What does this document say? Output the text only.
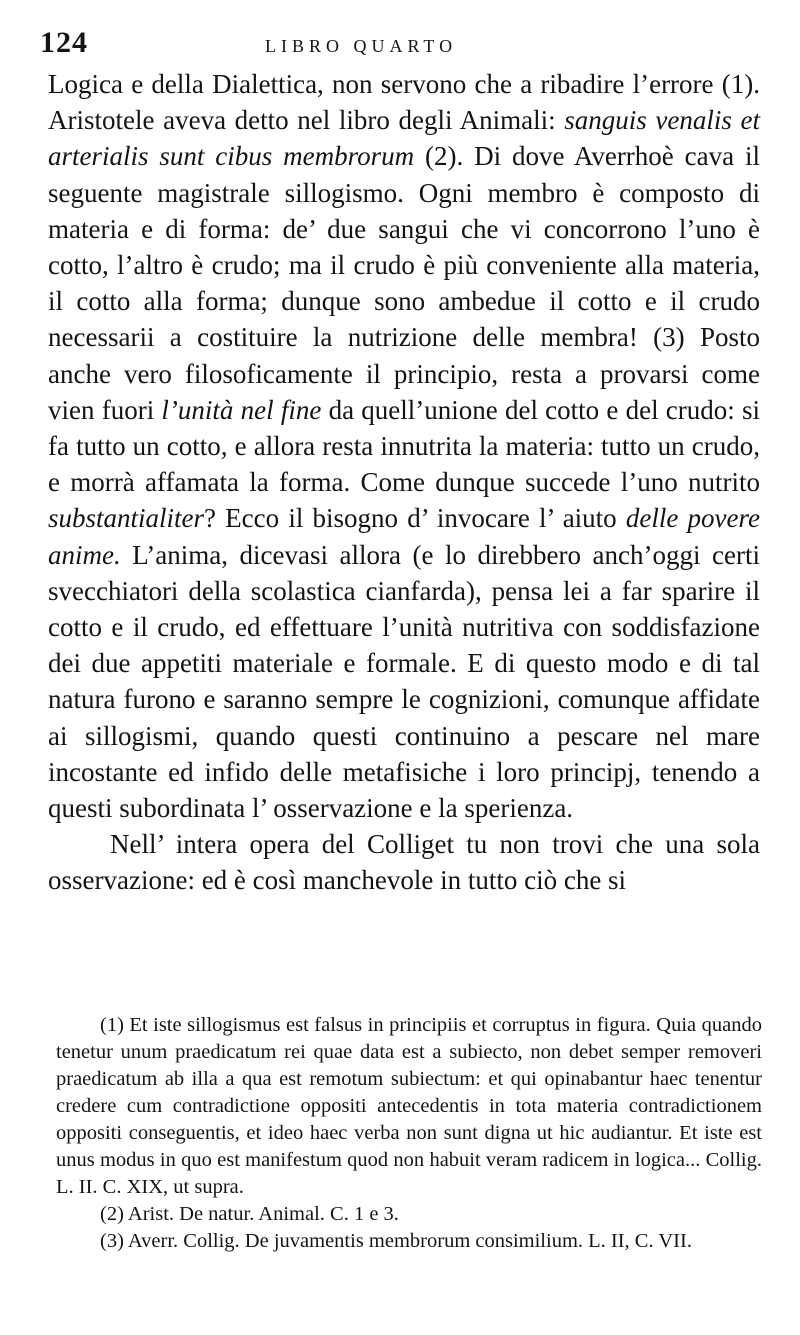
124	LIBRO QUARTO

Logica e della Dialettica, non servono che a ribadire l’errore (1). Aristotele aveva detto nel libro degli Animali: sanguis venalis et arterialis sunt cibus membrorum (2). Di dove Averrhoè cava il seguente magistrale sillogismo. Ogni membro è composto di materia e di forma: de’ due sangui che vi concorrono l’uno è cotto, l’altro è crudo; ma il crudo è più conveniente alla materia, il cotto alla forma; dunque sono ambedue il cotto e il crudo necessarii a costituire la nutrizione delle membra! (3) Posto anche vero filosoficamente il principio, resta a provarsi come vien fuori l’unità nel fine da quell’unione del cotto e del crudo: si fa tutto un cotto, e allora resta innutrita la materia: tutto un crudo, e morrà affamata la forma. Come dunque succede l’uno nutrito substantialiter? Ecco il bisogno d’ invocare l’ aiuto delle povere anime. L’anima, dicevasi allora (e lo direbbero anch’oggi certi svecchiatori della scolastica cianfarda), pensa lei a far sparire il cotto e il crudo, ed effettuare l’unità nutritiva con soddisfazione dei due appetiti materiale e formale. E di questo modo e di tal natura furono e saranno sempre le cognizioni, comunque affidate ai sillogismi, quando questi continuino a pescare nel mare incostante ed infido delle metafisiche i loro principj, tenendo a questi subordinata l’ osservazione e la sperienza.

Nell’ intera opera del Colliget tu non trovi che una sola osservazione: ed è così manchevole in tutto ciò che si

(1) Et iste sillogismus est falsus in principiis et corruptus in figura. Quia quando tenetur unum praedicatum rei quae data est a subiecto, non debet semper removeri praedicatum ab illa a qua est remotum subiectum: et qui opinabantur haec tenentur credere cum contradictione oppositi antecedentis in tota materia contradictionem oppositi conseguentis, et ideo haec verba non sunt digna ut hic audiantur. Et iste est unus modus in quo est manifestum quod non habuit veram radicem in logica... Collig. L. II. C. XIX, ut supra.

(2) Arist. De natur. Animal. C. 1 e 3.

(3) Averr. Collig. De juvamentis membrorum consimilium. L. II, C. VII.
